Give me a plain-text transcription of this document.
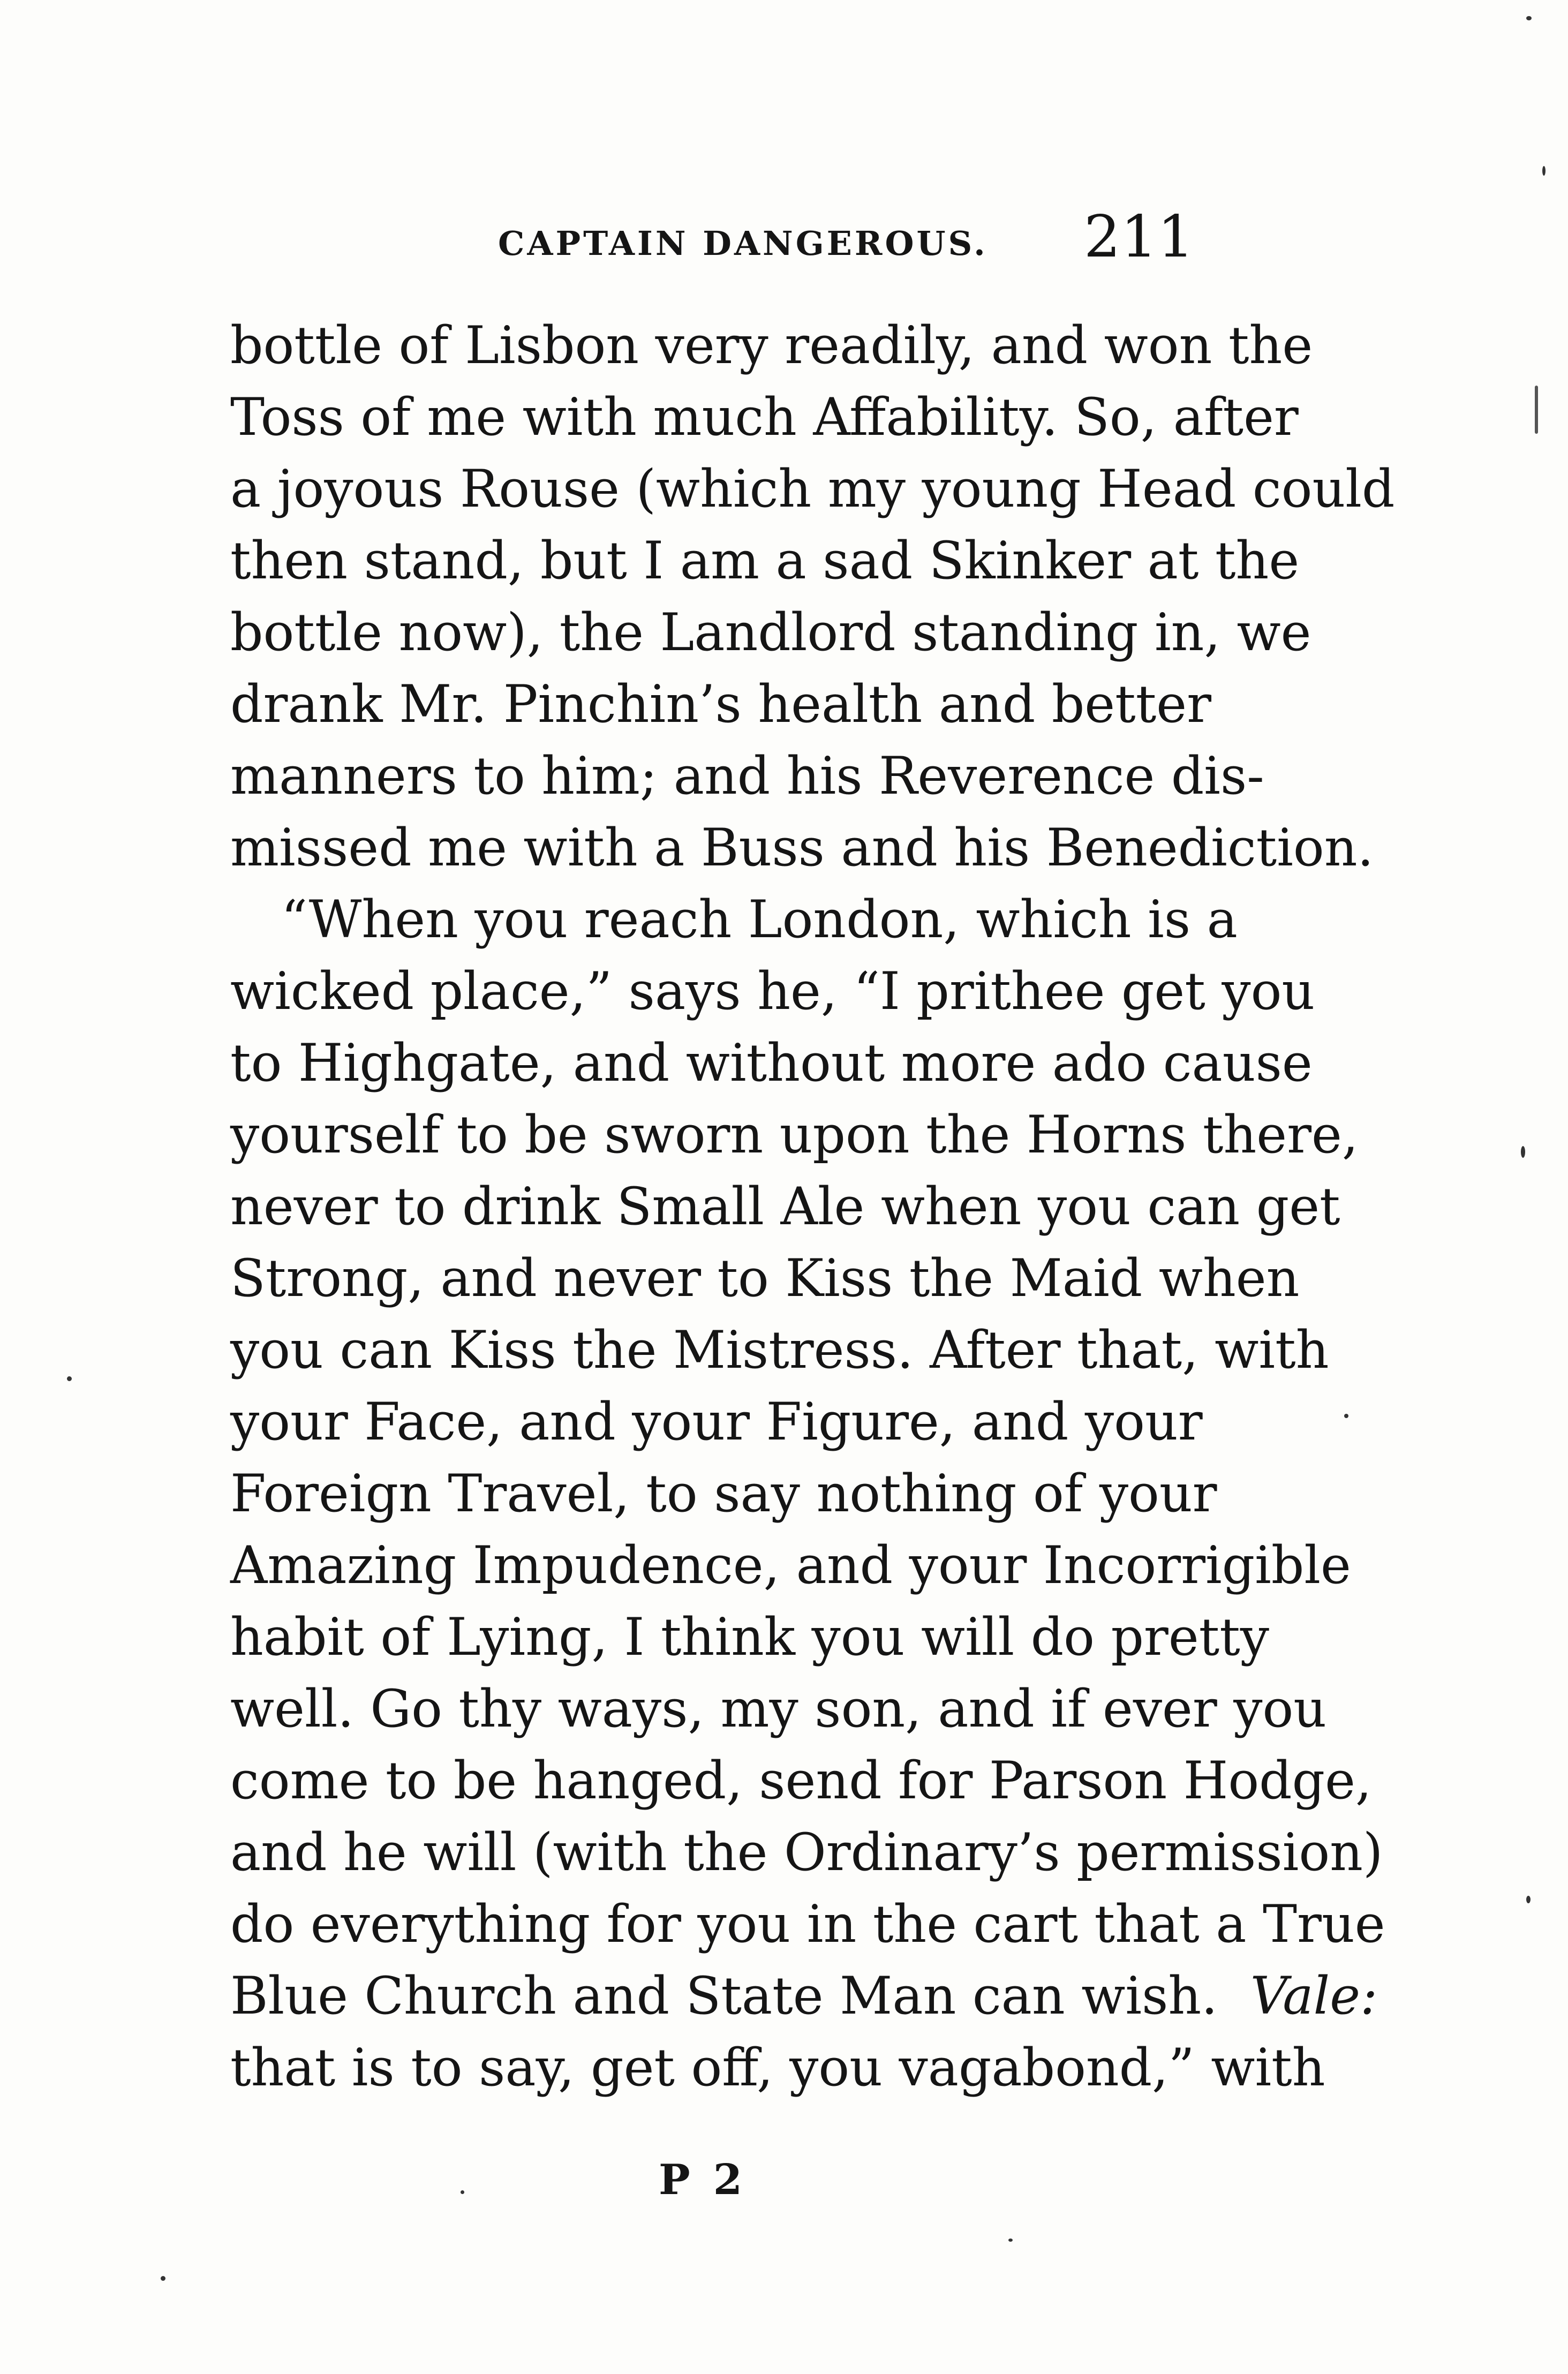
CAPTAIN DANGEROUS. 211
bottle of Lisbon very readily, and won the
Toss of me with much Affability. So, after
a joyous Rouse (which my young Head could
then stand, but I am a sad Skinker at the
bottle now), the Landlord standing in, we
drank Mr. Pinchin’s health and better
manners to him; and his Reverence dis-
missed me with a Buss and his Benediction.
“When you reach London, which is a
wicked place,” says he, “I prithee get you
to Highgate, and without more ado cause
yourself to be sworn upon the Horns there,
never to drink Small Ale when you can get
Strong, and never to Kiss the Maid when
you can Kiss the Mistress. After that, with
your Face, and your Figure, and your
Foreign Travel, to say nothing of your
Amazing Impudence, and your Incorrigible
habit of Lying, I think you will do pretty
well. Go thy ways, my son, and if ever you
come to be hanged, send for Parson Hodge,
and he will (with the Ordinary’s permission)
do everything for you in the cart that a True
Blue Church and State Man can wish. Vale:
that is to say, get off, you vagabond,” with
P 2
